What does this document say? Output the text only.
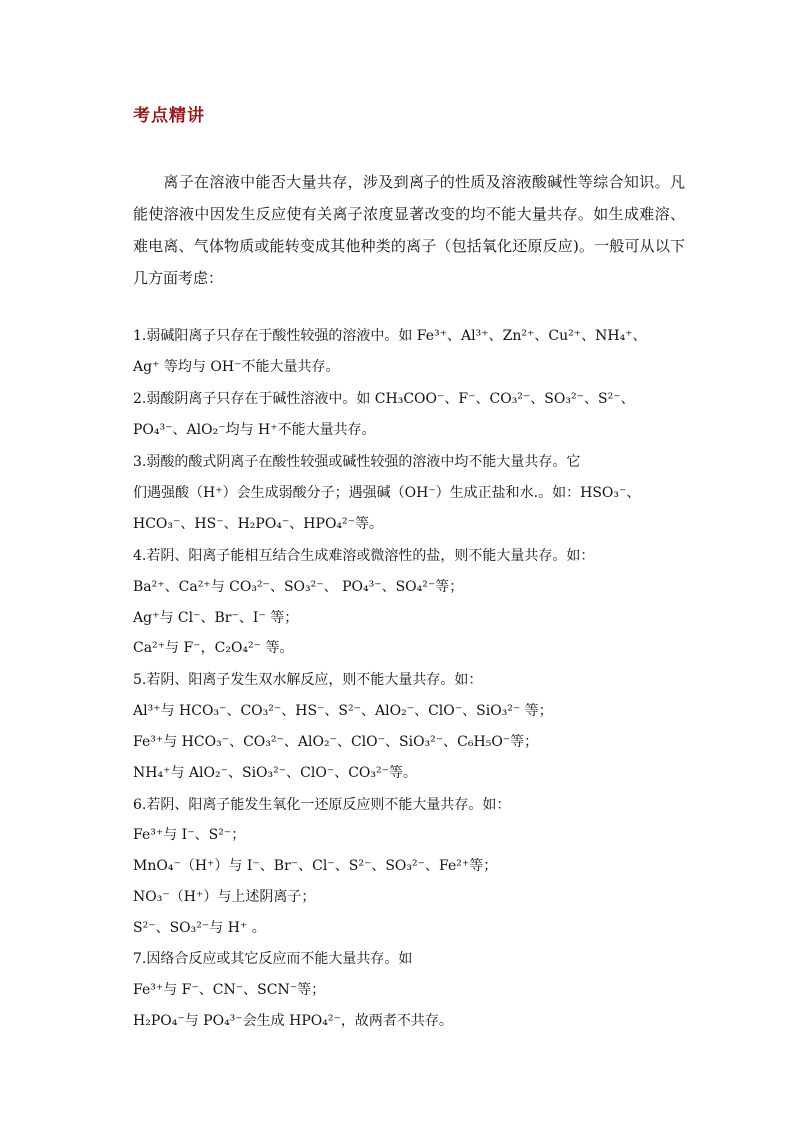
考点精讲
离子在溶液中能否大量共存，涉及到离子的性质及溶液酸碱性等综合知识。凡能使溶液中因发生反应使有关离子浓度显著改变的均不能大量共存。如生成难溶、难电离、气体物质或能转变成其他种类的离子（包括氧化还原反应)。一般可从以下几方面考虑：
1.弱碱阳离子只存在于酸性较强的溶液中。如 Fe³⁺、Al³⁺、Zn²⁺、Cu²⁺、NH₄⁺、
Ag⁺ 等均与 OH⁻不能大量共存。
2.弱酸阴离子只存在于碱性溶液中。如 CH₃COO⁻、F⁻、CO₃²⁻、SO₃²⁻、S²⁻、
PO₄³⁻、AlO₂⁻均与 H⁺不能大量共存。
3.弱酸的酸式阴离子在酸性较强或碱性较强的溶液中均不能大量共存。它
们遇强酸（H⁺）会生成弱酸分子；遇强碱（OH⁻）生成正盐和水.。如：HSO₃⁻、
HCO₃⁻、HS⁻、H₂PO₄⁻、HPO₄²⁻等。
4.若阴、阳离子能相互结合生成难溶或微溶性的盐，则不能大量共存。如：
Ba²⁺、Ca²⁺与 CO₃²⁻、SO₃²⁻、 PO₄³⁻、SO₄²⁻等；
Ag⁺与 Cl⁻、Br⁻、I⁻ 等；
Ca²⁺与 F⁻，C₂O₄²⁻ 等。
5.若阴、阳离子发生双水解反应，则不能大量共存。如：
Al³⁺与 HCO₃⁻、CO₃²⁻、HS⁻、S²⁻、AlO₂⁻、ClO⁻、SiO₃²⁻ 等；
Fe³⁺与 HCO₃⁻、CO₃²⁻、AlO₂⁻、ClO⁻、SiO₃²⁻、C₆H₅O⁻等；
NH₄⁺与 AlO₂⁻、SiO₃²⁻、ClO⁻、CO₃²⁻等。
6.若阴、阳离子能发生氧化一还原反应则不能大量共存。如：
Fe³⁺与 I⁻、S²⁻；
MnO₄⁻（H⁺）与 I⁻、Br⁻、Cl⁻、S²⁻、SO₃²⁻、Fe²⁺等；
NO₃⁻（H⁺）与上述阴离子；
S²⁻、SO₃²⁻与 H⁺ 。
7.因络合反应或其它反应而不能大量共存。如
Fe³⁺与 F⁻、CN⁻、SCN⁻等；
H₂PO₄⁻与 PO₄³⁻会生成 HPO₄²⁻，故两者不共存。
